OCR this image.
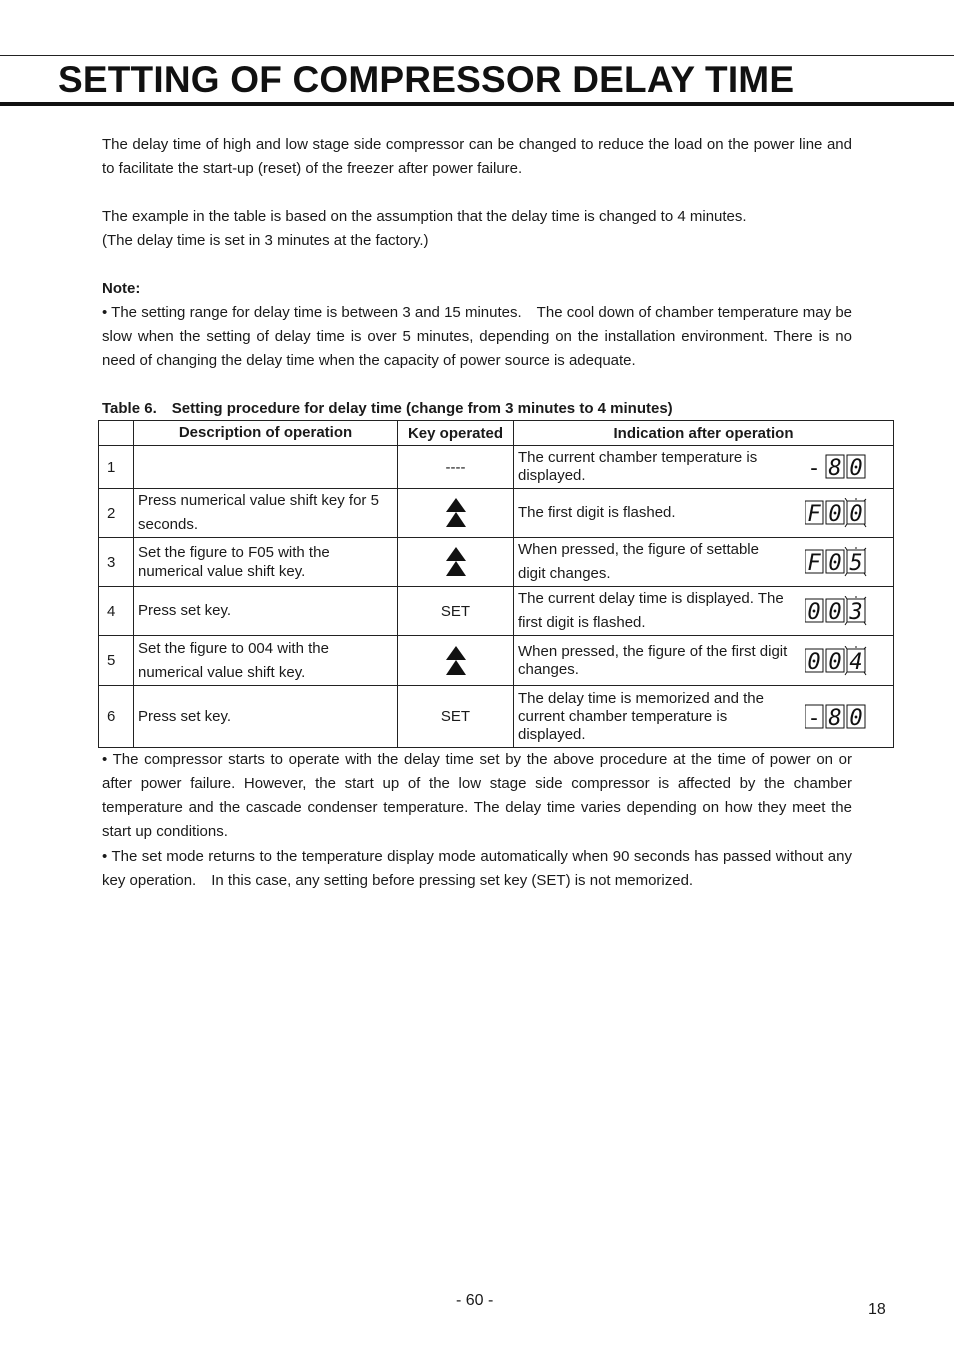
SETTING OF COMPRESSOR DELAY TIME

The delay time of high and low stage side compressor can be changed to reduce the load on the power line and to facilitate the start-up (reset) of the freezer after power failure.

The example in the table is based on the assumption that the delay time is changed to 4 minutes.

(The delay time is set in 3 minutes at the factory.)

Note:

• The setting range for delay time is between 3 and 15 minutes.　The cool down of chamber temperature may be slow when the setting of delay time is over 5 minutes, depending on the installation environment. There is no need of changing the delay time when the capacity of power source is adequate.

Table 6.　Setting procedure for delay time (change from 3 minutes to 4 minutes)

	Description of operation	Key operated	Indication after operation
1		----	The current chamber temperature is displayed. - 8 0

2	Press numerical value shift key for 5 seconds.		The first digit is flashed. F 0 0

3	Set the figure to F05 with the numerical value shift key.		When pressed, the figure of settable digit changes. F 0 5

4	Press set key.	SET	The current delay time is displayed. The first digit is flashed. 0 0 3

5	Set the figure to 004 with the numerical value shift key.		When pressed, the figure of the first digit changes. 0 0 4

6	Press set key.	SET	The delay time is memorized and the current chamber temperature is displayed.
- 8 0

• The compressor starts to operate with the delay time set by the above procedure at the time of power on or after power failure. However, the start up of the low stage side compressor is affected by the chamber temperature and the cascade condenser temperature. The delay time varies depending on how they meet the start up conditions.

• The set mode returns to the temperature display mode automatically when 90 seconds has passed without any key operation.　In this case, any setting before pressing set key (SET) is not memorized.

- 60 -

18
